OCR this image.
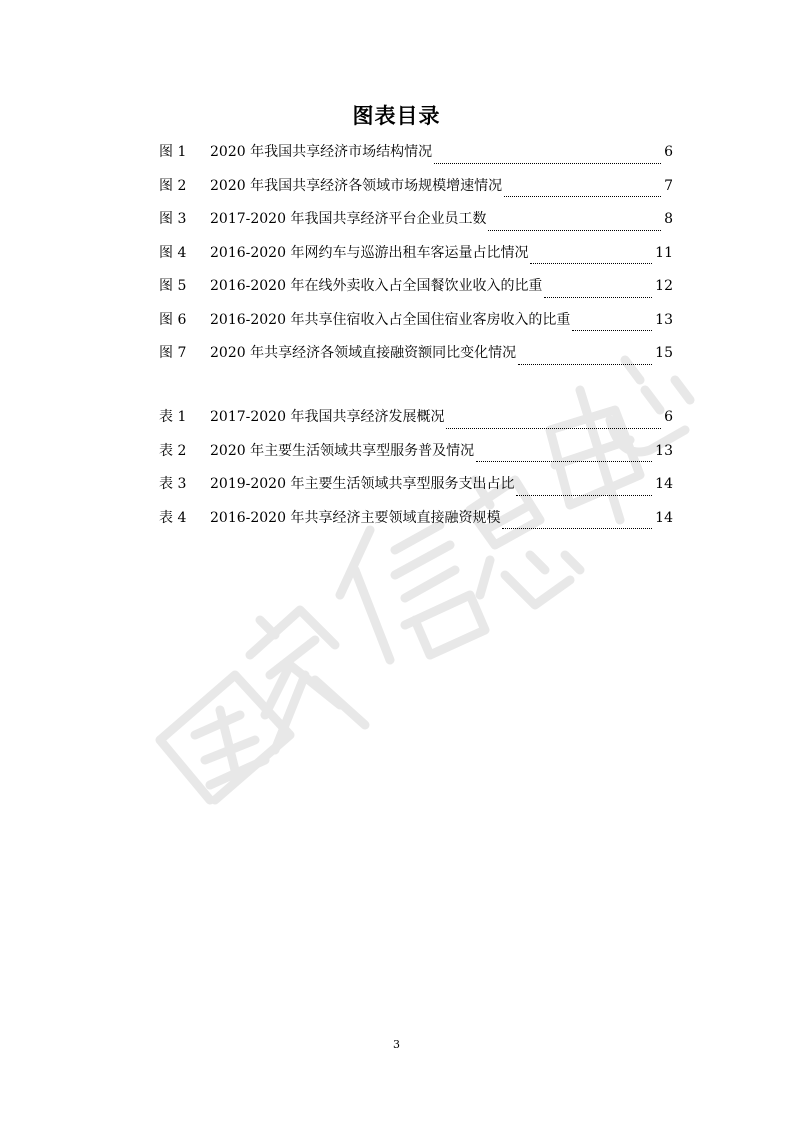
图表目录
图 1	2020 年我国共享经济市场结构情况	6
图 2	2020 年我国共享经济各领域市场规模增速情况	7
图 3	2017-2020 年我国共享经济平台企业员工数	8
图 4	2016-2020 年网约车与巡游出租车客运量占比情况	11
图 5	2016-2020 年在线外卖收入占全国餐饮业收入的比重	12
图 6	2016-2020 年共享住宿收入占全国住宿业客房收入的比重	13
图 7	2020 年共享经济各领域直接融资额同比变化情况	15
表 1	2017-2020 年我国共享经济发展概况	6
表 2	2020 年主要生活领域共享型服务普及情况	13
表 3	2019-2020 年主要生活领域共享型服务支出占比	14
表 4	2016-2020 年共享经济主要领域直接融资规模	14
3
